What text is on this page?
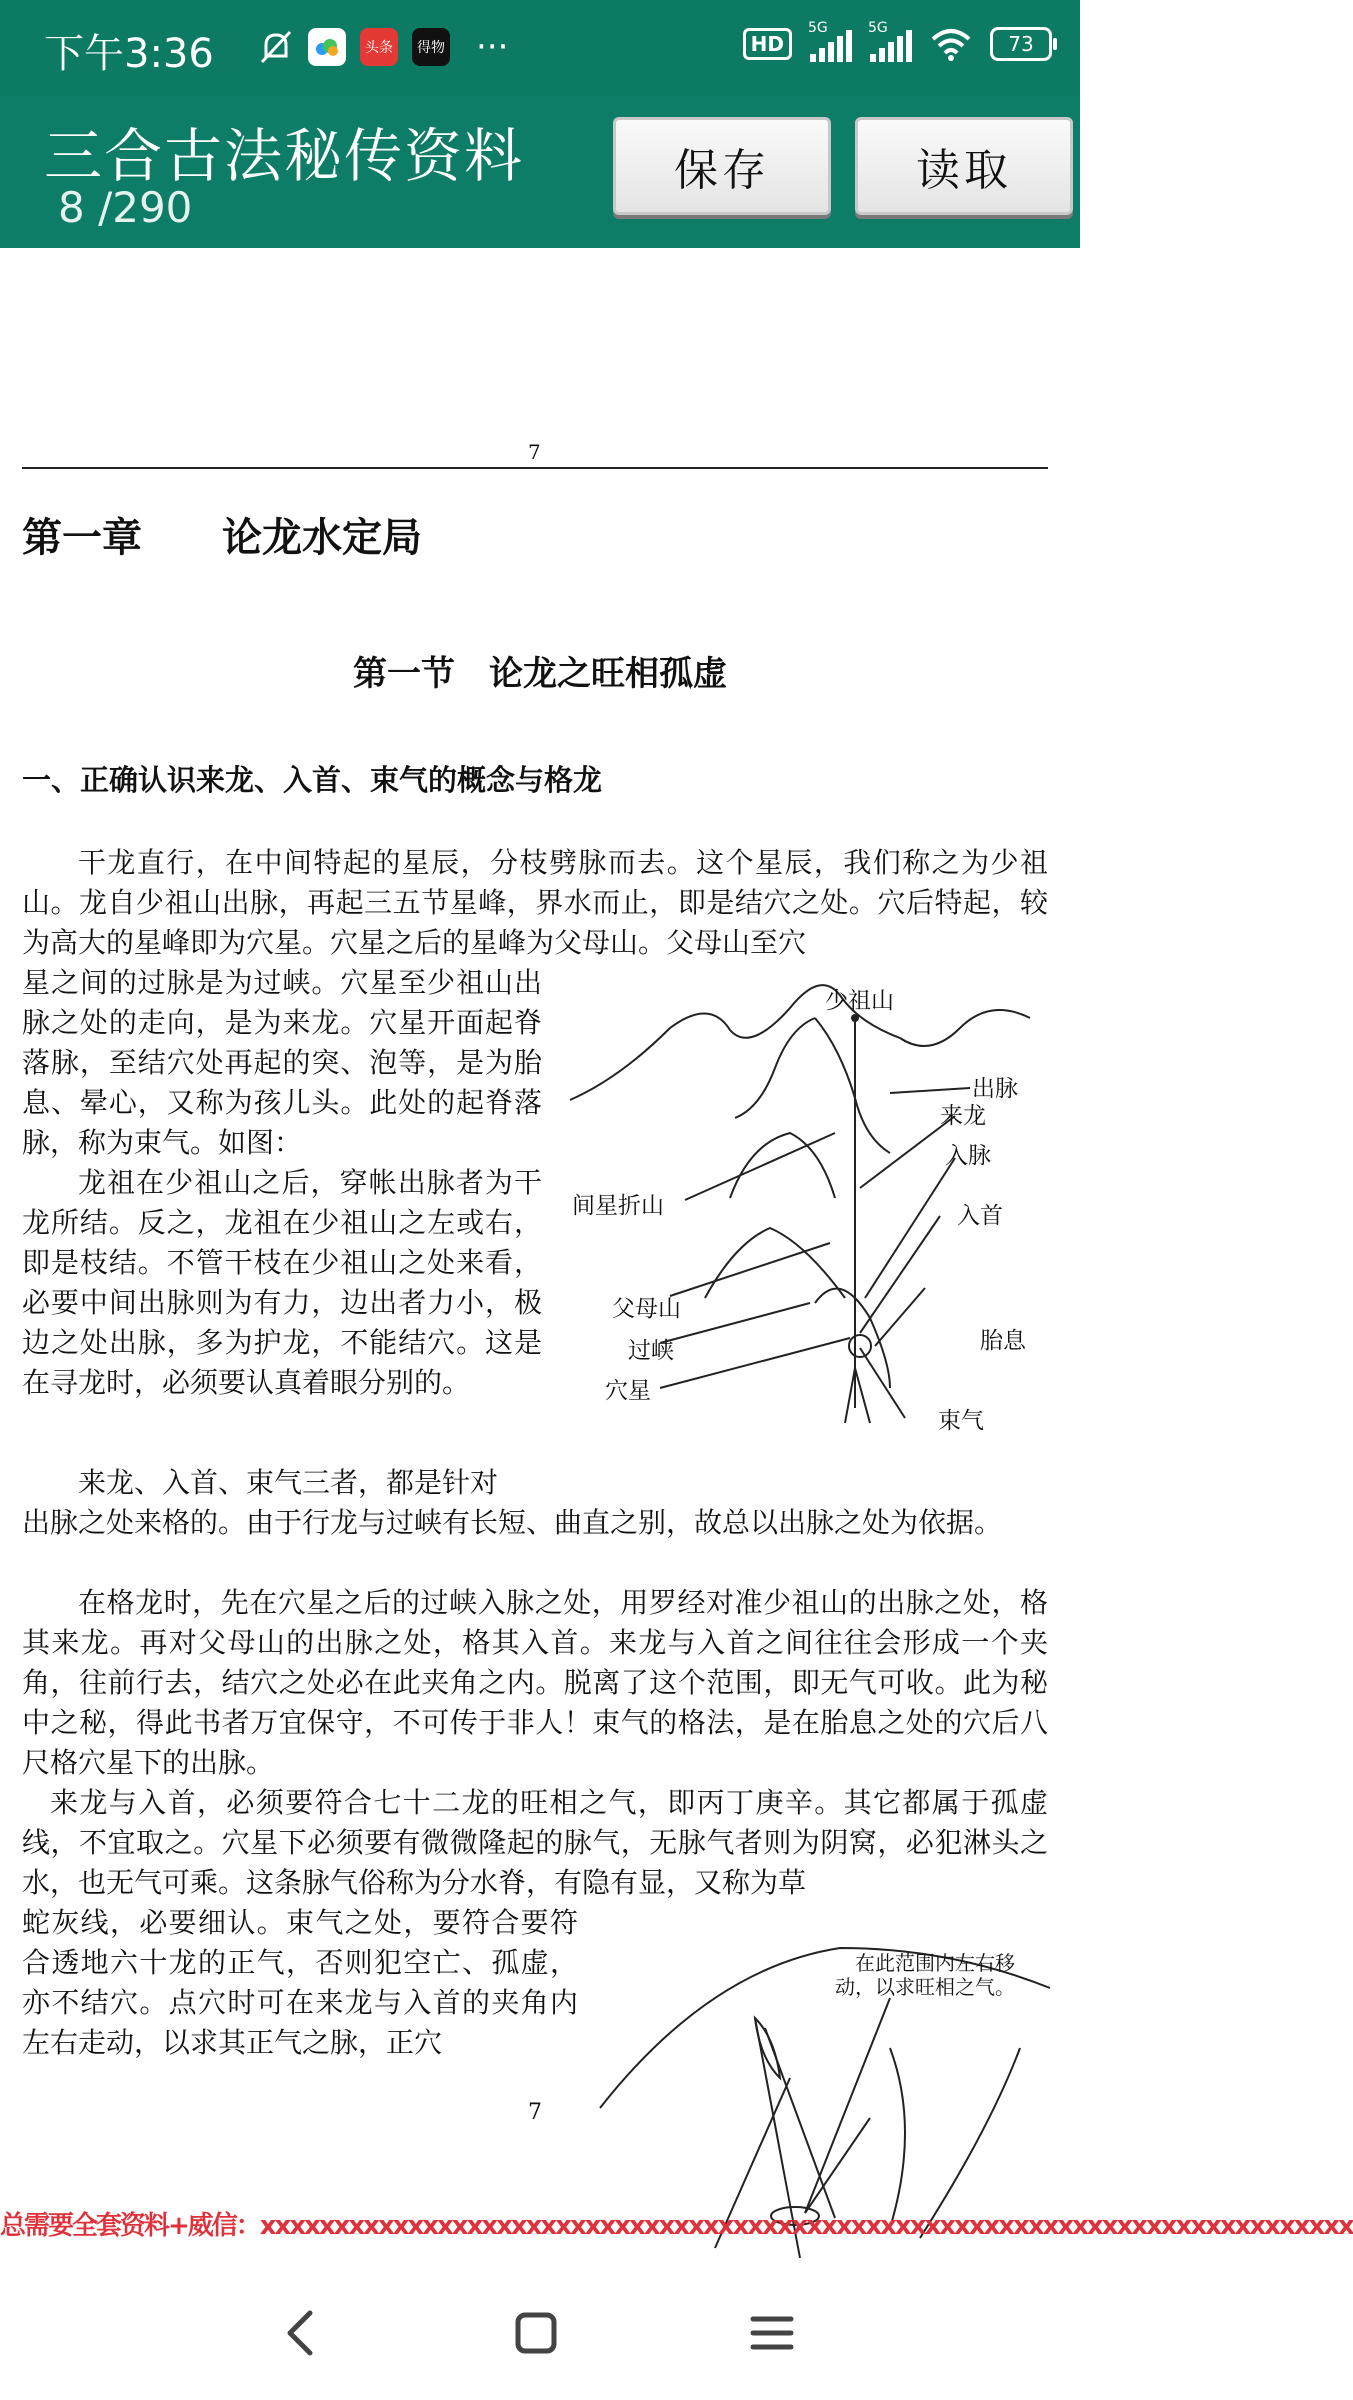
下午3:36	头条 得物 ···	HD
5G	5G
73
三合古法秘传资料
8 /290
保存	读取
7
第一章　　论龙水定局
第一节　论龙之旺相孤虚
一、正确认识来龙、入首、束气的概念与格龙
干龙直行，在中间特起的星辰，分枝劈脉而去。这个星辰，我们称之为少祖山。龙自少祖山出脉，再起三五节星峰，界水而止，即是结穴之处。穴后特起，较为高大的星峰即为穴星。穴星之后的星峰为父母山。父母山至穴
星之间的过脉是为过峡。穴星至少祖山出脉之处的走向，是为来龙。穴星开面起脊落脉，至结穴处再起的突、泡等，是为胎息、晕心，又称为孩儿头。此处的起脊落脉，称为束气。如图：
龙祖在少祖山之后，穿帐出脉者为干龙所结。反之，龙祖在少祖山之左或右，即是枝结。不管干枝在少祖山之处来看，必要中间出脉则为有力，边出者力小，极边之处出脉，多为护龙，不能结穴。这是在寻龙时，必须要认真着眼分别的。
来龙、入首、束气三者，都是针对
出脉之处来格的。由于行龙与过峡有长短、曲直之别，故总以出脉之处为依据。
在格龙时，先在穴星之后的过峡入脉之处，用罗经对准少祖山的出脉之处，格其来龙。再对父母山的出脉之处，格其入首。来龙与入首之间往往会形成一个夹角，往前行去，结穴之处必在此夹角之内。脱离了这个范围，即无气可收。此为秘中之秘，得此书者万宜保守，不可传于非人！束气的格法，是在胎息之处的穴后八尺格穴星下的出脉。
来龙与入首，必须要符合七十二龙的旺相之气，即丙丁庚辛。其它都属于孤虚线，不宜取之。穴星下必须要有微微隆起的脉气，无脉气者则为阴窝，必犯淋头之水，也无气可乘。这条脉气俗称为分水脊，有隐有显，又称为草
蛇灰线，必要细认。束气之处，要符合要符合透地六十龙的正气，否则犯空亡、孤虚，亦不结穴。点穴时可在来龙与入首的夹角内左右走动，以求其正气之脉，正穴
少祖山
出脉
来龙
间星折山
入脉
入首
父母山
过峡	胎息
穴星
束气
在此范围内左右移
动，以求旺相之气。
7
总需要全套资料+威信：xxxxxxxxxxxxxxxxxxxxxxxxxxxxxxxxxxxxxxxxxxxxxxxxxxxxxxxxxxxxxxxxxxxxxxxxxx
